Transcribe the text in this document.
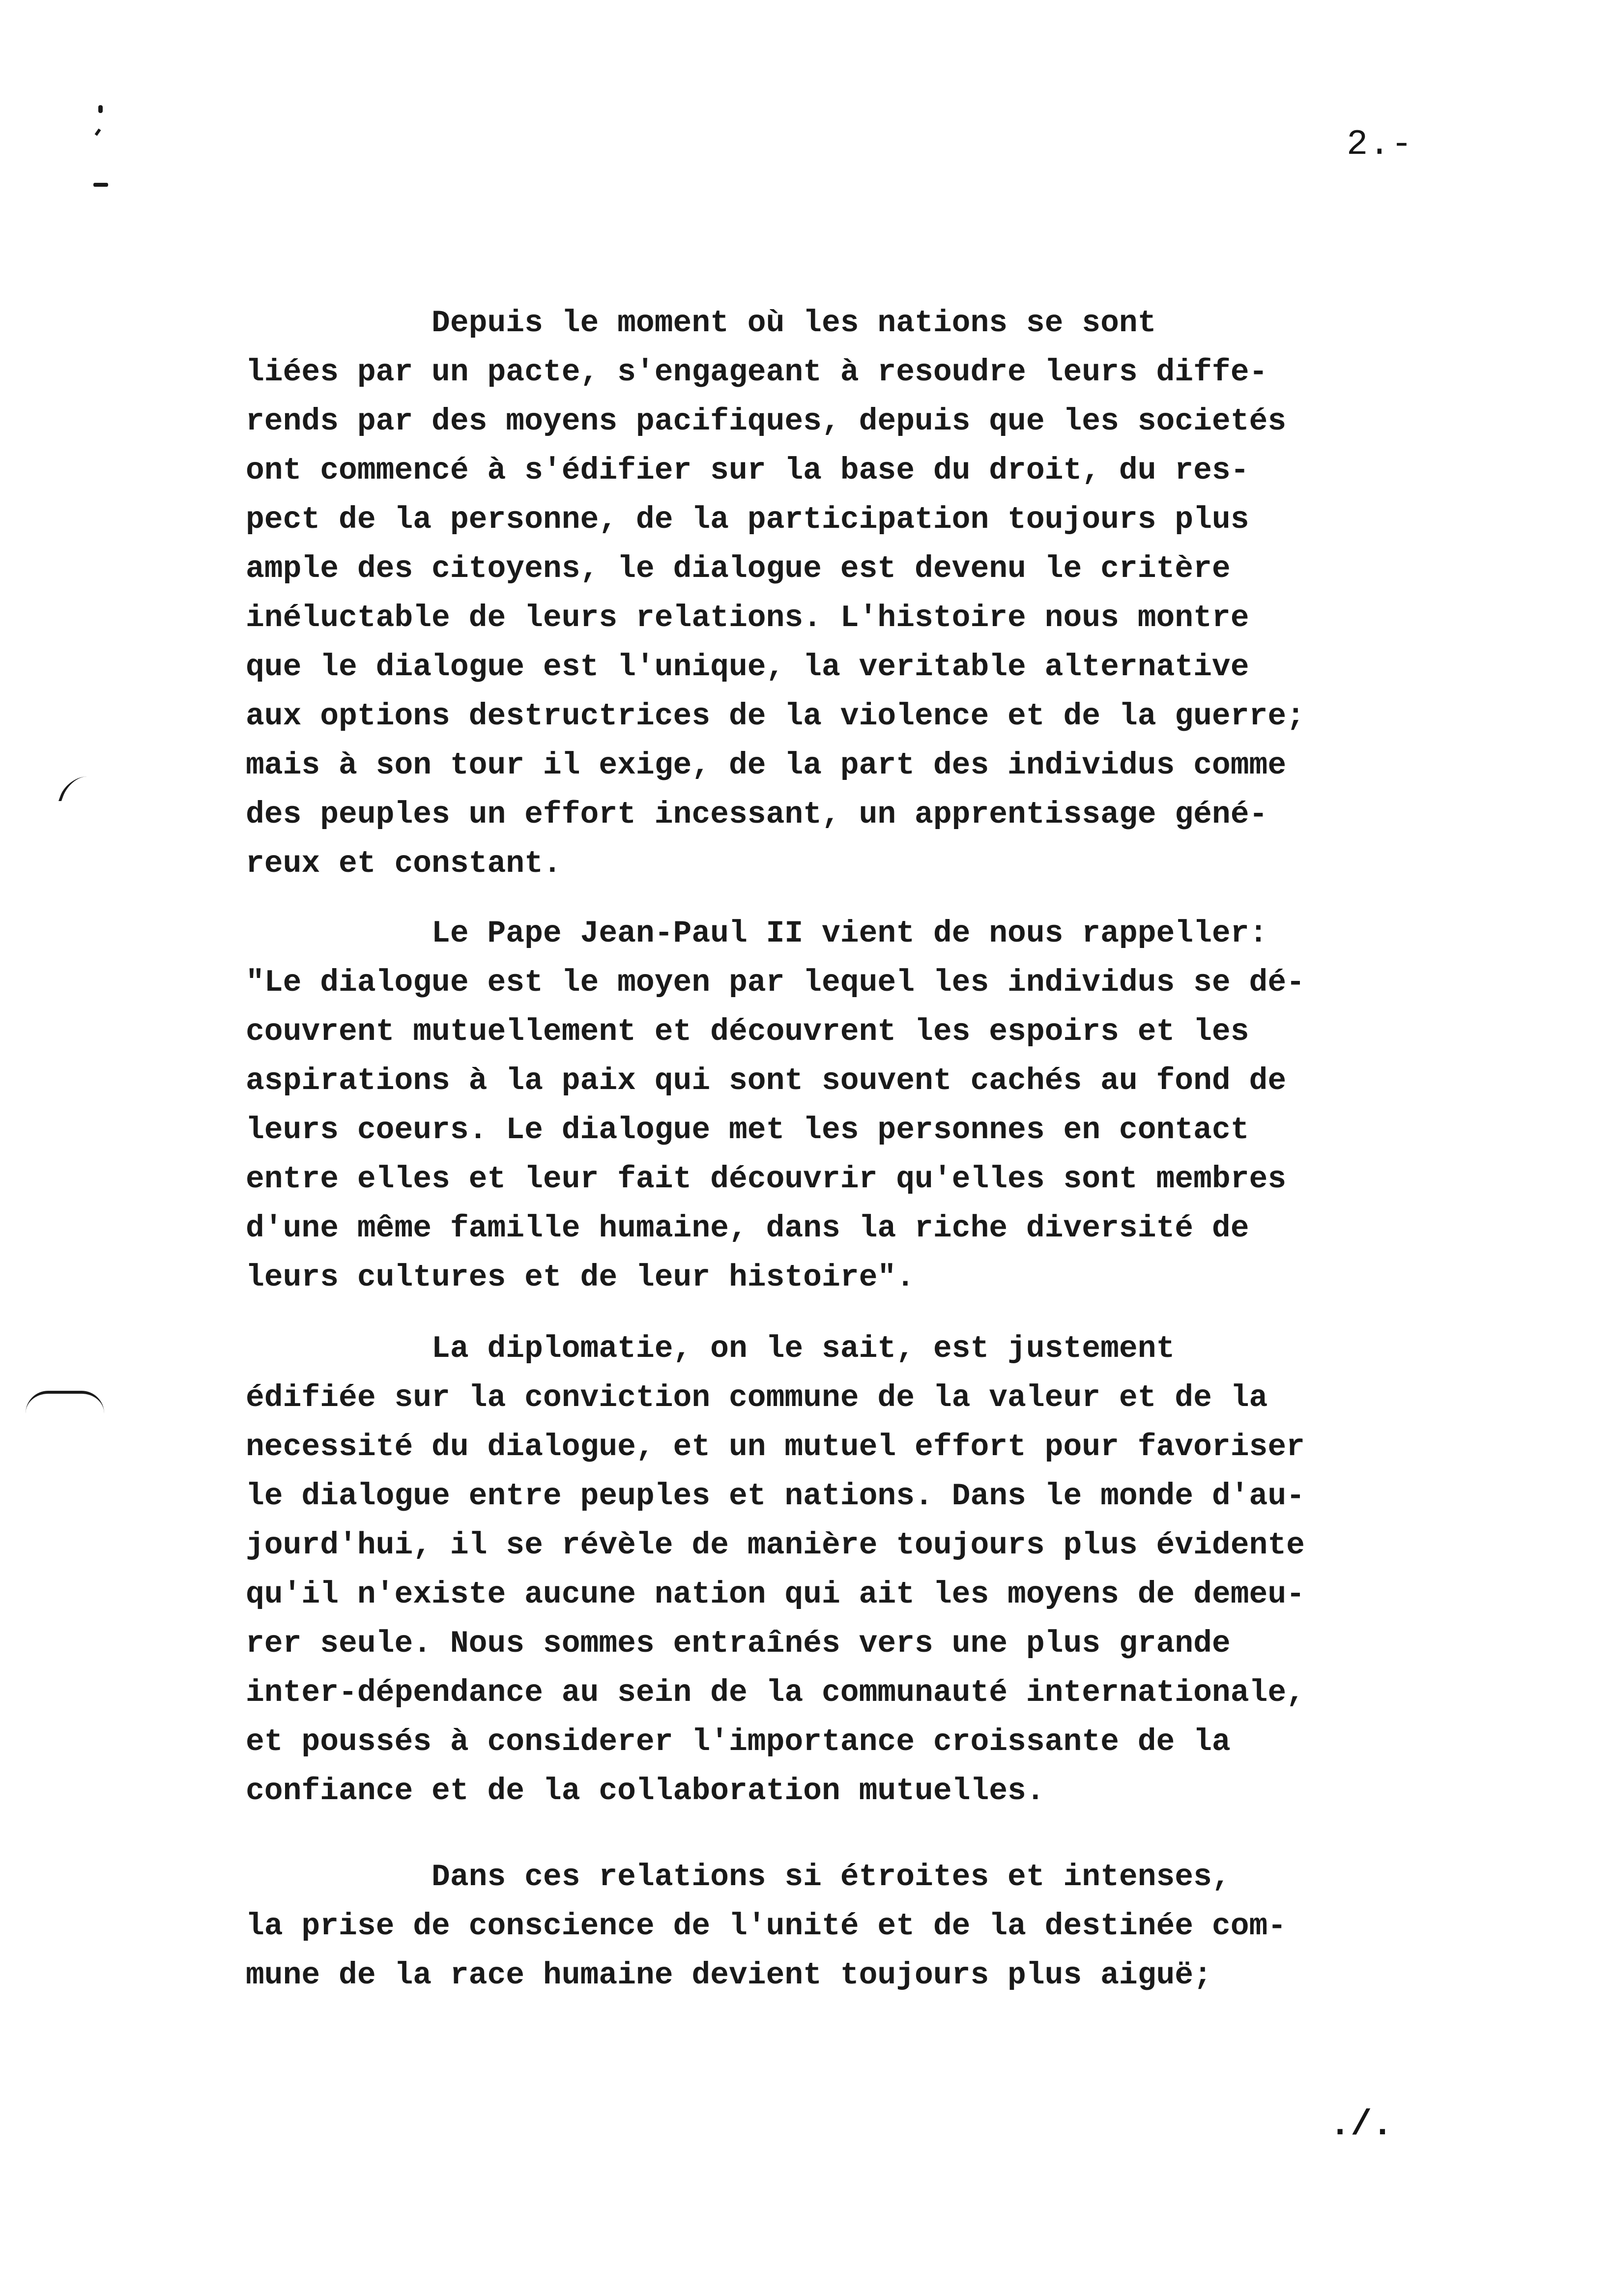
2.-
Depuis le moment où les nations se sont
liées par un pacte, s'engageant à resoudre leurs diffe-
rends par des moyens pacifiques, depuis que les societés
ont commencé à s'édifier sur la base du droit, du res-
pect de la personne, de la participation toujours plus
ample des citoyens, le dialogue est devenu le critère
inéluctable de leurs relations. L'histoire nous montre
que le dialogue est l'unique, la veritable alternative
aux options destructrices de la violence et de la guerre;
mais à son tour il exige, de la part des individus comme
des peuples un effort incessant, un apprentissage géné-
reux et constant.
Le Pape Jean-Paul II vient de nous rappeller:
"Le dialogue est le moyen par lequel les individus se dé-
couvrent mutuellement et découvrent les espoirs et les
aspirations à la paix qui sont souvent cachés au fond de
leurs coeurs. Le dialogue met les personnes en contact
entre elles et leur fait découvrir qu'elles sont membres
d'une même famille humaine, dans la riche diversité de
leurs cultures et de leur histoire".
La diplomatie, on le sait, est justement
édifiée sur la conviction commune de la valeur et de la
necessité du dialogue, et un mutuel effort pour favoriser
le dialogue entre peuples et nations. Dans le monde d'au-
jourd'hui, il se révèle de manière toujours plus évidente
qu'il n'existe aucune nation qui ait les moyens de demeu-
rer seule. Nous sommes entraînés vers une plus grande
inter-dépendance au sein de la communauté internationale,
et poussés à considerer l'importance croissante de la
confiance et de la collaboration mutuelles.
Dans ces relations si étroites et intenses,
la prise de conscience de l'unité et de la destinée com-
mune de la race humaine devient toujours plus aiguë;
./.
